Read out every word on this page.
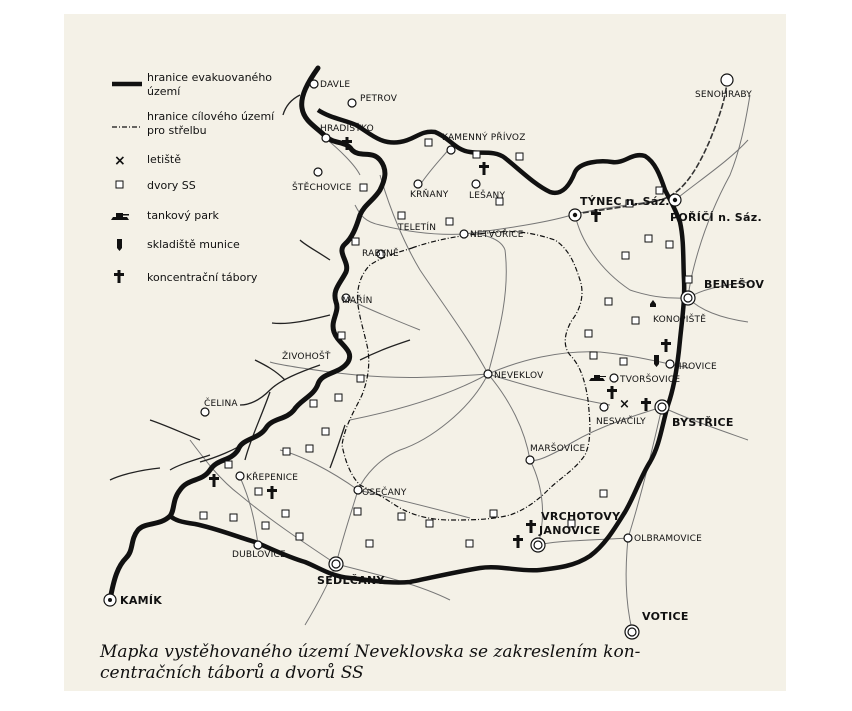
×
DAVLE
PETROV
HRADIŠŤKO
KAMENNÝ PŘÍVOZ
ŠTĚCHOVICE
KRŇANY LEŠANY	TÝNEC n. Sáz.
SENOHRABY
POŘÍČÍ n. Sáz.
TELETÍN
NETVOŘICE
RABYNĚ
BENEŠOV
KONOPIŠTĚ
MAŘÍN
ŽIVOHOŠŤ
NEVEKLOV
BYSTŘICE
TVORŠOVICE
NESVAČILY
JIROVICE
ČELINA
MARŠOVICE
KŘEPENICE
OSEČANY
VRCHOTOVY
JANOVICE
OLBRAMOVICE
DUBLOVICE
SEDLČANY
KAMÍK
VOTICE
hranice evakuovaného
území
hranice cílového území
pro střelbu
× letiště
dvory SS
tankový park
skladiště munice
koncentrační tábory
Mapka vystěhovaného území Neveklovska se zakreslením kon-
centračních táborů a dvorů SS
